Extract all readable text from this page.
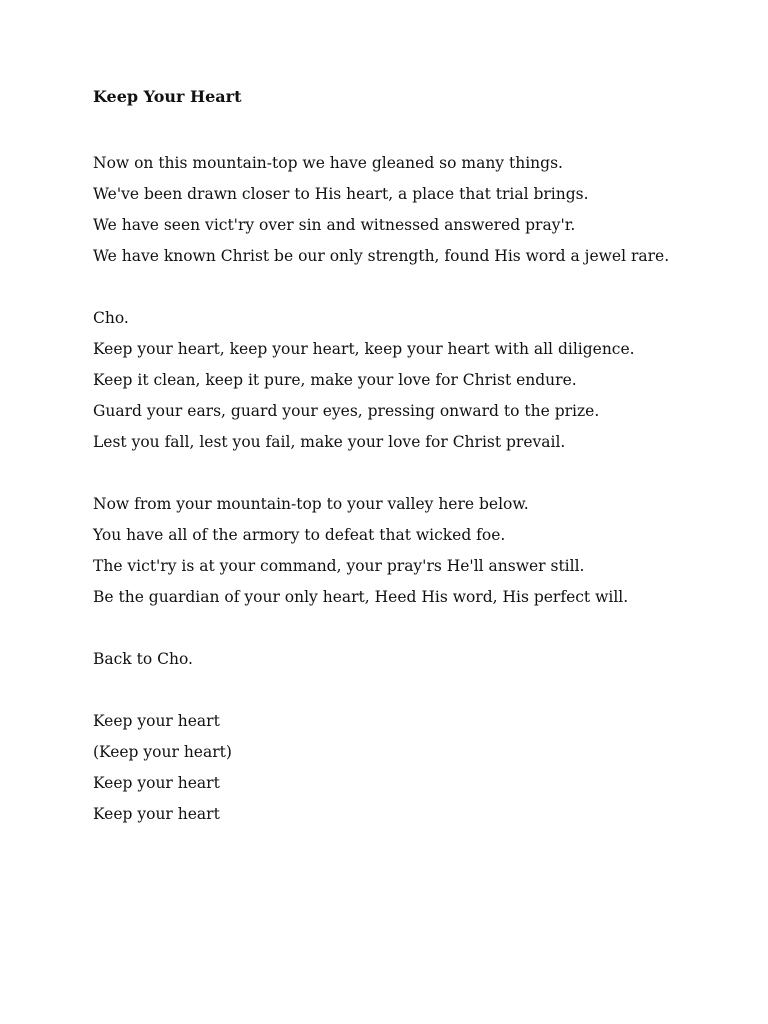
Keep Your Heart
Now on this mountain-top we have gleaned so many things.
We've been drawn closer to His heart, a place that trial brings.
We have seen vict'ry over sin and witnessed answered pray'r.
We have known Christ be our only strength, found His word a jewel rare.
Cho.
Keep your heart, keep your heart, keep your heart with all diligence.
Keep it clean, keep it pure, make your love for Christ endure.
Guard your ears, guard your eyes, pressing onward to the prize.
Lest you fall, lest you fail, make your love for Christ prevail.
Now from your mountain-top to your valley here below.
You have all of the armory to defeat that wicked foe.
The vict'ry is at your command, your pray'rs He'll answer still.
Be the guardian of your only heart, Heed His word, His perfect will.
Back to Cho.
Keep your heart
(Keep your heart)
Keep your heart
Keep your heart
